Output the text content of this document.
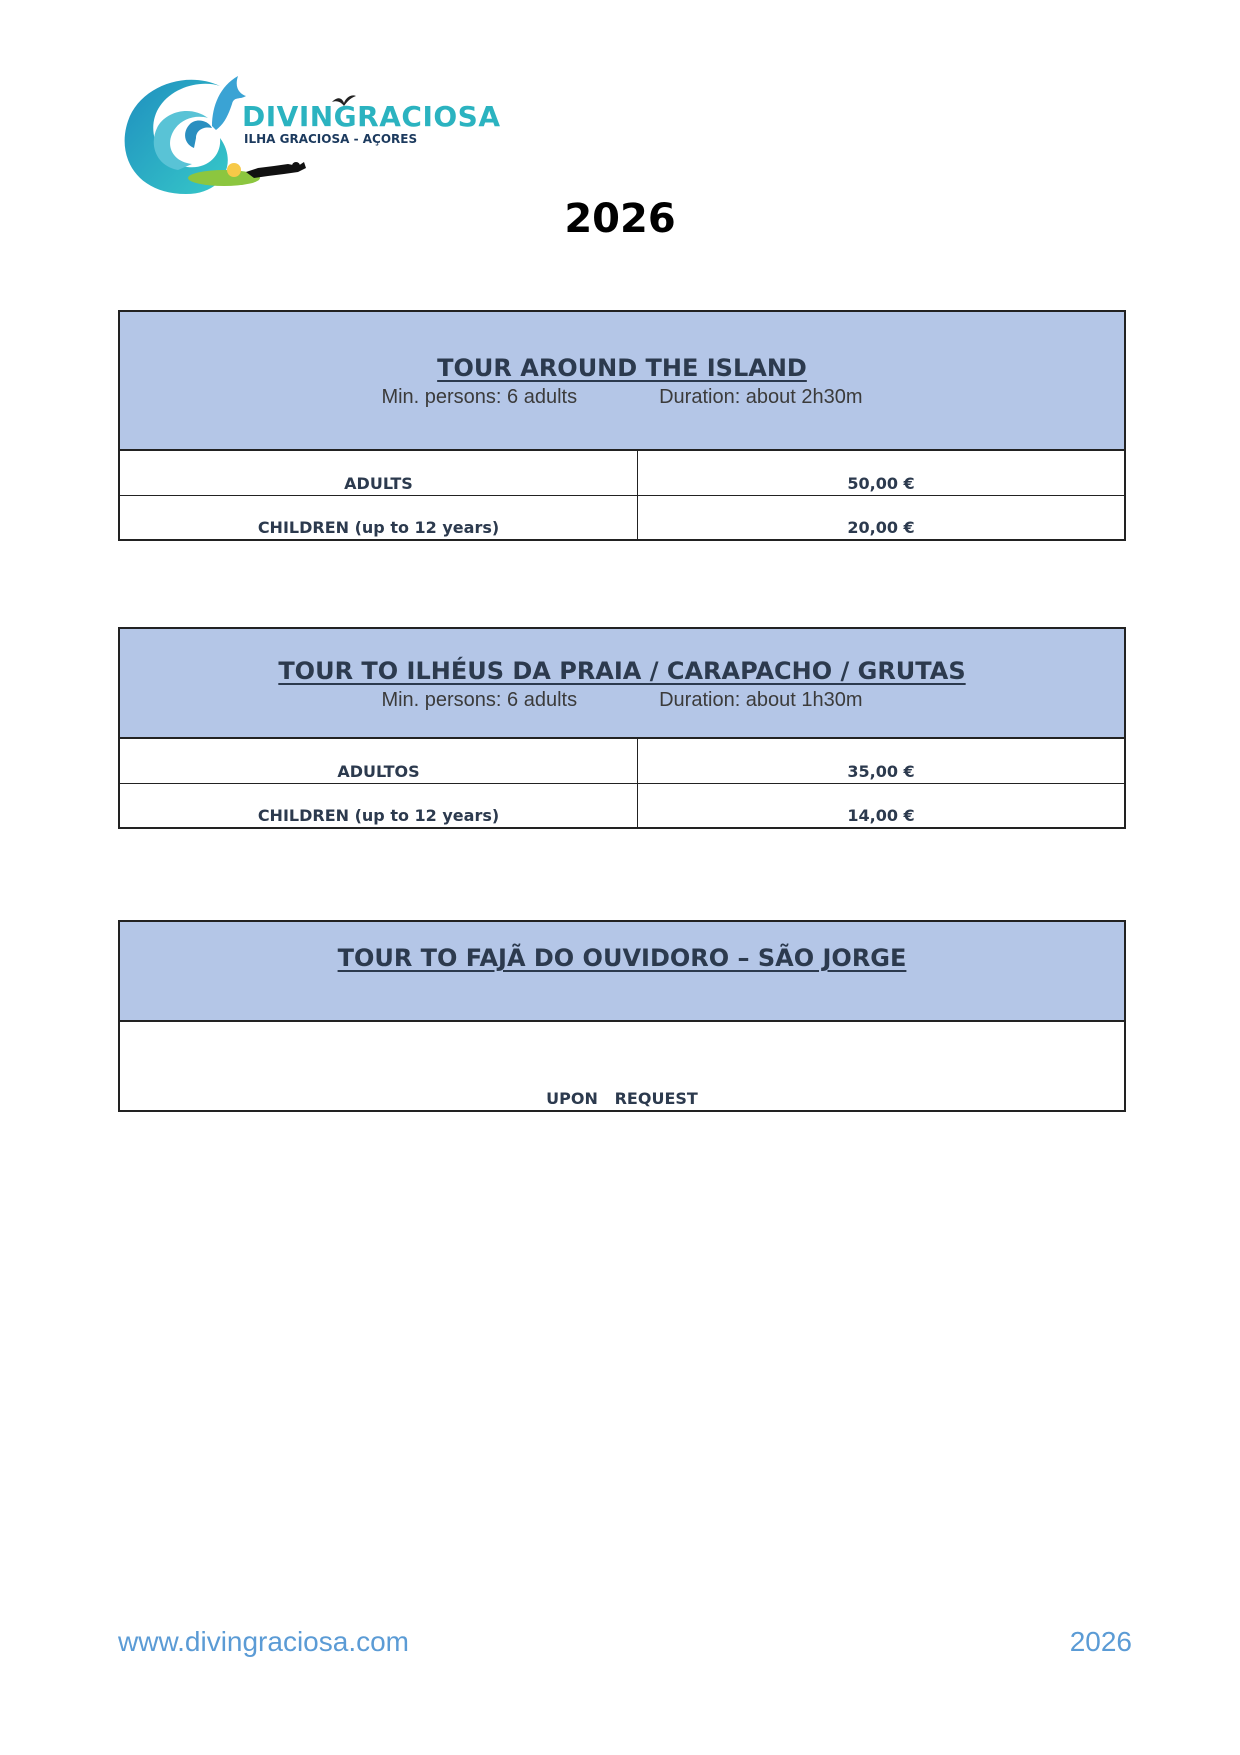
DIVINGRACIOSA
ILHA GRACIOSA - AÇORES
2026
TOUR AROUND THE ISLAND
Min. persons: 6 adults	Duration: about 2h30m
ADULTS	50,00 €
CHILDREN (up to 12 years)	20,00 €
TOUR TO ILHÉUS DA PRAIA / CARAPACHO / GRUTAS
Min. persons: 6 adults	Duration: about 1h30m
ADULTOS	35,00 €
CHILDREN (up to 12 years)	14,00 €
TOUR TO FAJÃ DO OUVIDORO – SÃO JORGE
UPON   REQUEST
www.divingraciosa.com	2026
